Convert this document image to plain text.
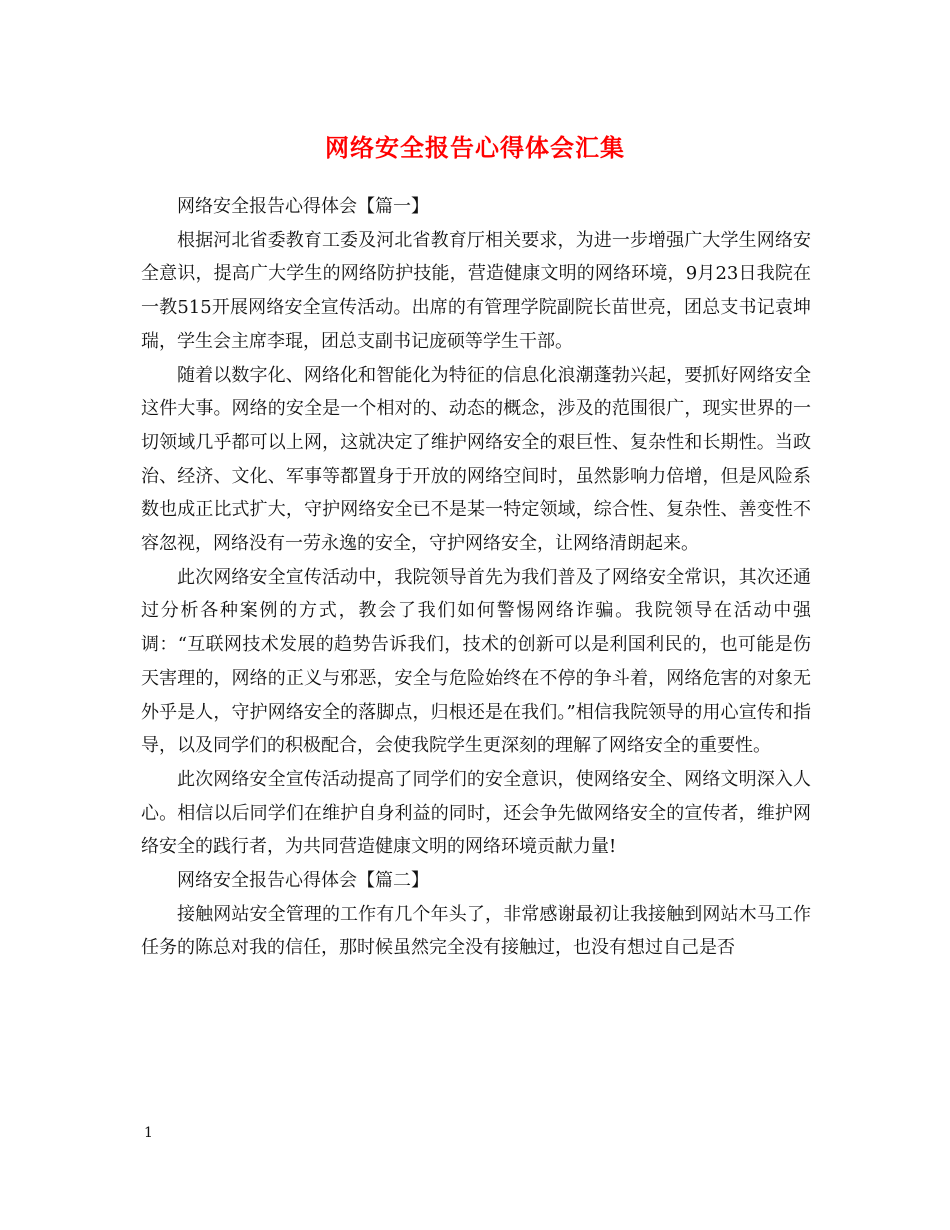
网络安全报告心得体会汇集

网络安全报告心得体会【篇一】

根据河北省委教育工委及河北省教育厅相关要求，为进一步增强广大学生网络安全意识，提高广大学生的网络防护技能，营造健康文明的网络环境，9月23日我院在一教515开展网络安全宣传活动。出席的有管理学院副院长苗世亮，团总支书记袁坤瑞，学生会主席李琨，团总支副书记庞硕等学生干部。

随着以数字化、网络化和智能化为特征的信息化浪潮蓬勃兴起，要抓好网络安全这件大事。网络的安全是一个相对的、动态的概念，涉及的范围很广，现实世界的一切领域几乎都可以上网，这就决定了维护网络安全的艰巨性、复杂性和长期性。当政治、经济、文化、军事等都置身于开放的网络空间时，虽然影响力倍增，但是风险系数也成正比式扩大，守护网络安全已不是某一特定领域，综合性、复杂性、善变性不容忽视，网络没有一劳永逸的安全，守护网络安全，让网络清朗起来。

此次网络安全宣传活动中，我院领导首先为我们普及了网络安全常识，其次还通过分析各种案例的方式，教会了我们如何警惕网络诈骗。我院领导在活动中强调：“互联网技术发展的趋势告诉我们，技术的创新可以是利国利民的，也可能是伤天害理的，网络的正义与邪恶，安全与危险始终在不停的争斗着，网络危害的对象无外乎是人，守护网络安全的落脚点，归根还是在我们。”相信我院领导的用心宣传和指导，以及同学们的积极配合，会使我院学生更深刻的理解了网络安全的重要性。

此次网络安全宣传活动提高了同学们的安全意识，使网络安全、网络文明深入人心。相信以后同学们在维护自身利益的同时，还会争先做网络安全的宣传者，维护网络安全的践行者，为共同营造健康文明的网络环境贡献力量!

网络安全报告心得体会【篇二】

接触网站安全管理的工作有几个年头了，非常感谢最初让我接触到网站木马工作任务的陈总对我的信任，那时候虽然完全没有接触过，也没有想过自己是否

1
